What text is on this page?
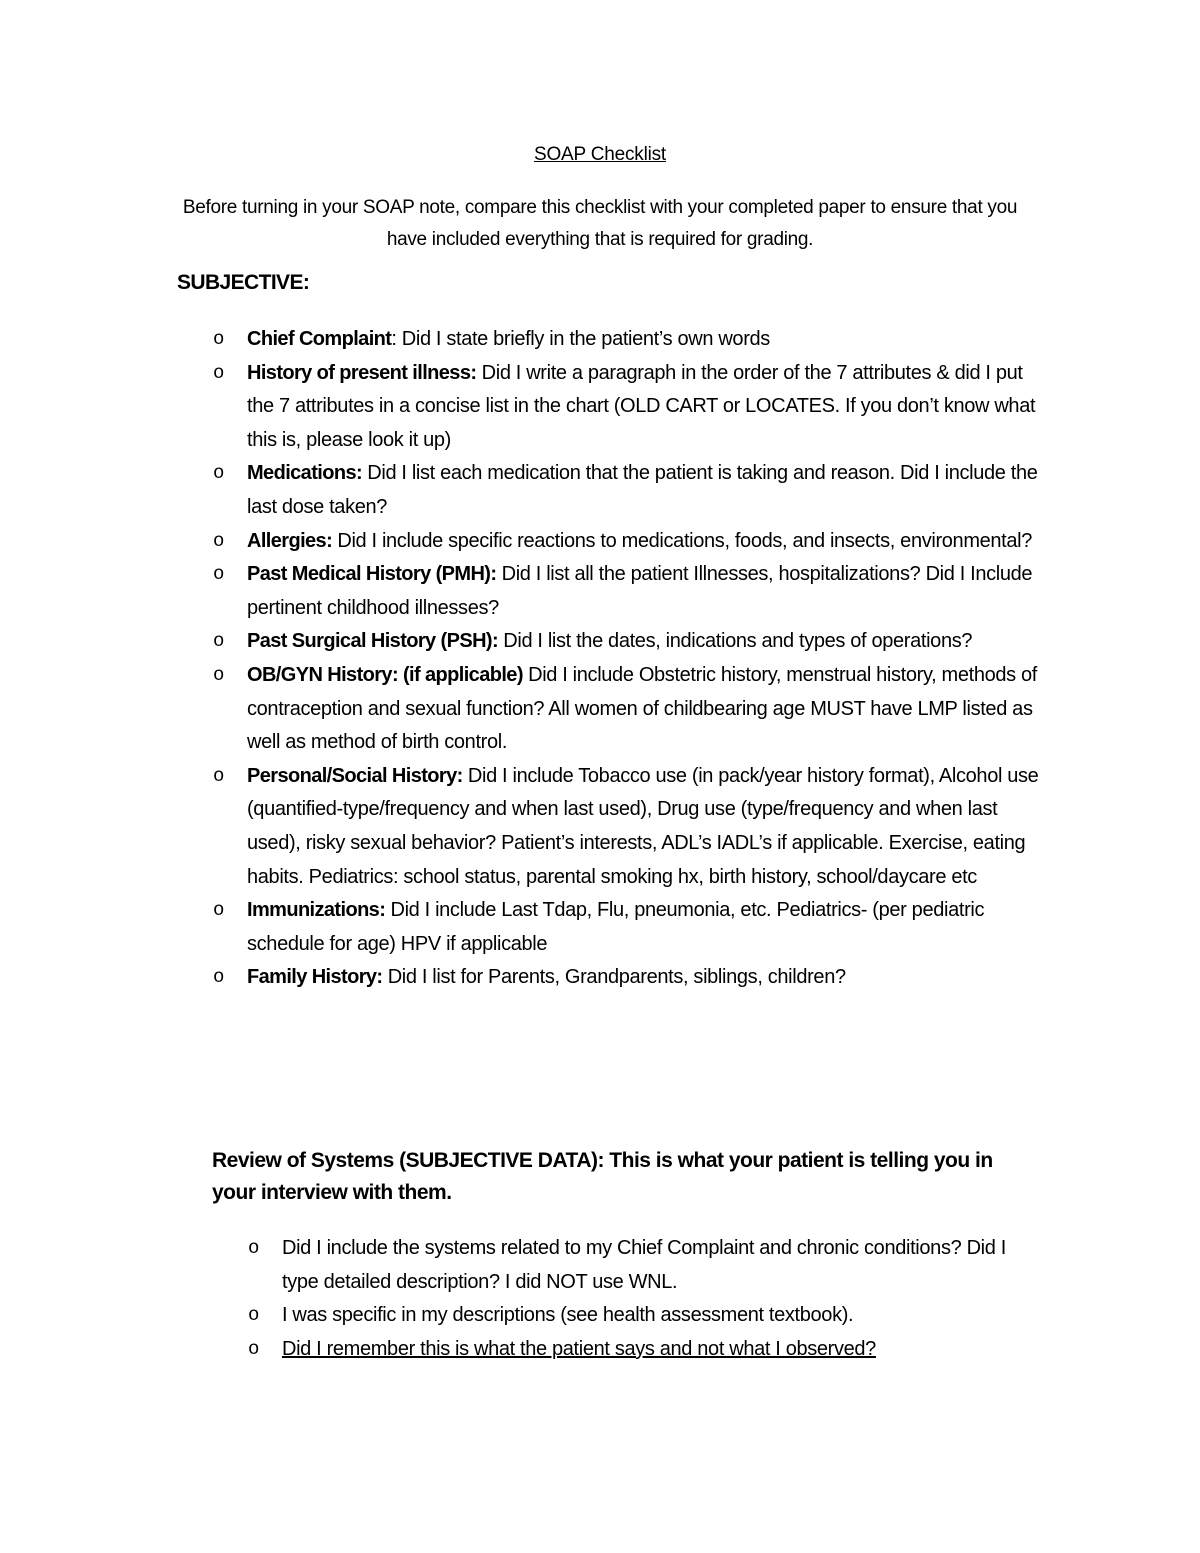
SOAP Checklist
Before turning in your SOAP note, compare this checklist with your completed paper to ensure that you have included everything that is required for grading.
SUBJECTIVE:
o Chief Complaint: Did I state briefly in the patient’s own words
o History of present illness: Did I write a paragraph in the order of the 7 attributes & did I put the 7 attributes in a concise list in the chart (OLD CART or LOCATES. If you don’t know what this is, please look it up)
o Medications: Did I list each medication that the patient is taking and reason. Did I include the last dose taken?
o Allergies: Did I include specific reactions to medications, foods, and insects, environmental?
o Past Medical History (PMH): Did I list all the patient Illnesses, hospitalizations? Did I Include pertinent childhood illnesses?
o Past Surgical History (PSH): Did I list the dates, indications and types of operations?
o OB/GYN History: (if applicable) Did I include Obstetric history, menstrual history, methods of contraception and sexual function? All women of childbearing age MUST have LMP listed as well as method of birth control.
o Personal/Social History: Did I include Tobacco use (in pack/year history format), Alcohol use (quantified-type/frequency and when last used), Drug use (type/frequency and when last used), risky sexual behavior? Patient’s interests, ADL’s IADL’s if applicable. Exercise, eating habits. Pediatrics: school status, parental smoking hx, birth history, school/daycare etc
o Immunizations: Did I include Last Tdap, Flu, pneumonia, etc. Pediatrics- (per pediatric schedule for age) HPV if applicable
o Family History: Did I list for Parents, Grandparents, siblings, children?
Review of Systems (SUBJECTIVE DATA): This is what your patient is telling you in your interview with them.
o Did I include the systems related to my Chief Complaint and chronic conditions? Did I type detailed description? I did NOT use WNL.
o I was specific in my descriptions (see health assessment textbook).
o Did I remember this is what the patient says and not what I observed?
